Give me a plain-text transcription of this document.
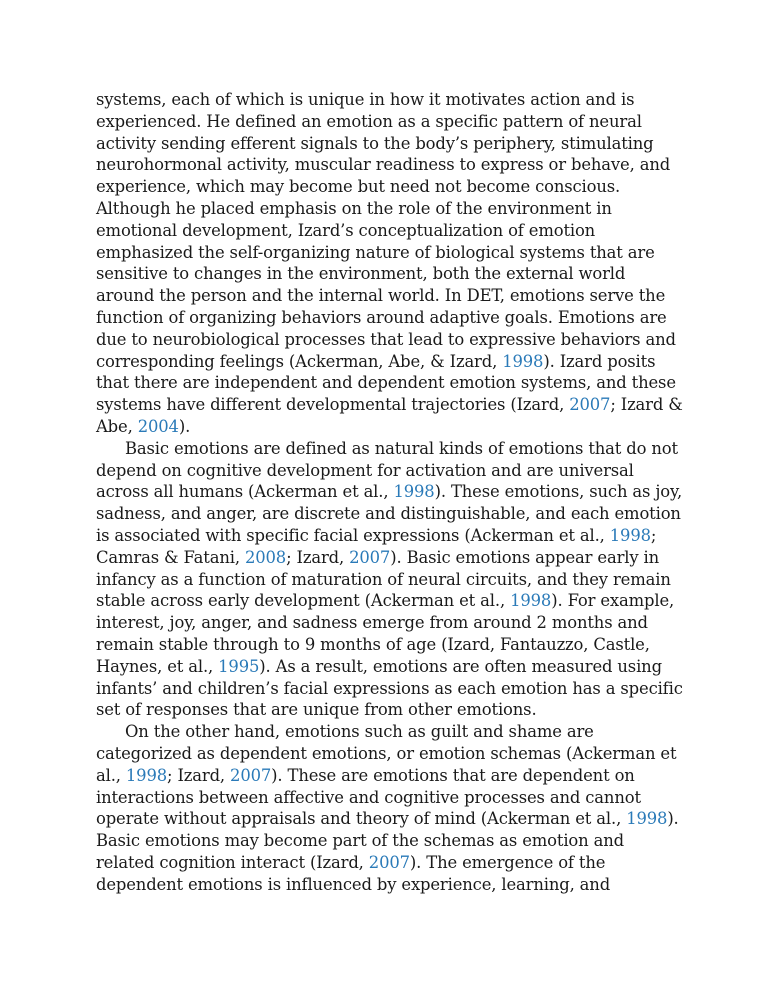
systems, each of which is unique in how it motivates action and is
experienced. He defined an emotion as a specific pattern of neural
activity sending efferent signals to the body’s periphery, stimulating
neurohormonal activity, muscular readiness to express or behave, and
experience, which may become but need not become conscious.
Although he placed emphasis on the role of the environment in
emotional development, Izard’s conceptualization of emotion
emphasized the self-organizing nature of biological systems that are
sensitive to changes in the environment, both the external world
around the person and the internal world. In DET, emotions serve the
function of organizing behaviors around adaptive goals. Emotions are
due to neurobiological processes that lead to expressive behaviors and
corresponding feelings (Ackerman, Abe, & Izard, 1998). Izard posits
that there are independent and dependent emotion systems, and these
systems have different developmental trajectories (Izard, 2007; Izard &
Abe, 2004).
Basic emotions are defined as natural kinds of emotions that do not
depend on cognitive development for activation and are universal
across all humans (Ackerman et al., 1998). These emotions, such as joy,
sadness, and anger, are discrete and distinguishable, and each emotion
is associated with specific facial expressions (Ackerman et al., 1998;
Camras & Fatani, 2008; Izard, 2007). Basic emotions appear early in
infancy as a function of maturation of neural circuits, and they remain
stable across early development (Ackerman et al., 1998). For example,
interest, joy, anger, and sadness emerge from around 2 months and
remain stable through to 9 months of age (Izard, Fantauzzo, Castle,
Haynes, et al., 1995). As a result, emotions are often measured using
infants’ and children’s facial expressions as each emotion has a specific
set of responses that are unique from other emotions.
On the other hand, emotions such as guilt and shame are
categorized as dependent emotions, or emotion schemas (Ackerman et
al., 1998; Izard, 2007). These are emotions that are dependent on
interactions between affective and cognitive processes and cannot
operate without appraisals and theory of mind (Ackerman et al., 1998).
Basic emotions may become part of the schemas as emotion and
related cognition interact (Izard, 2007). The emergence of the
dependent emotions is influenced by experience, learning, and
